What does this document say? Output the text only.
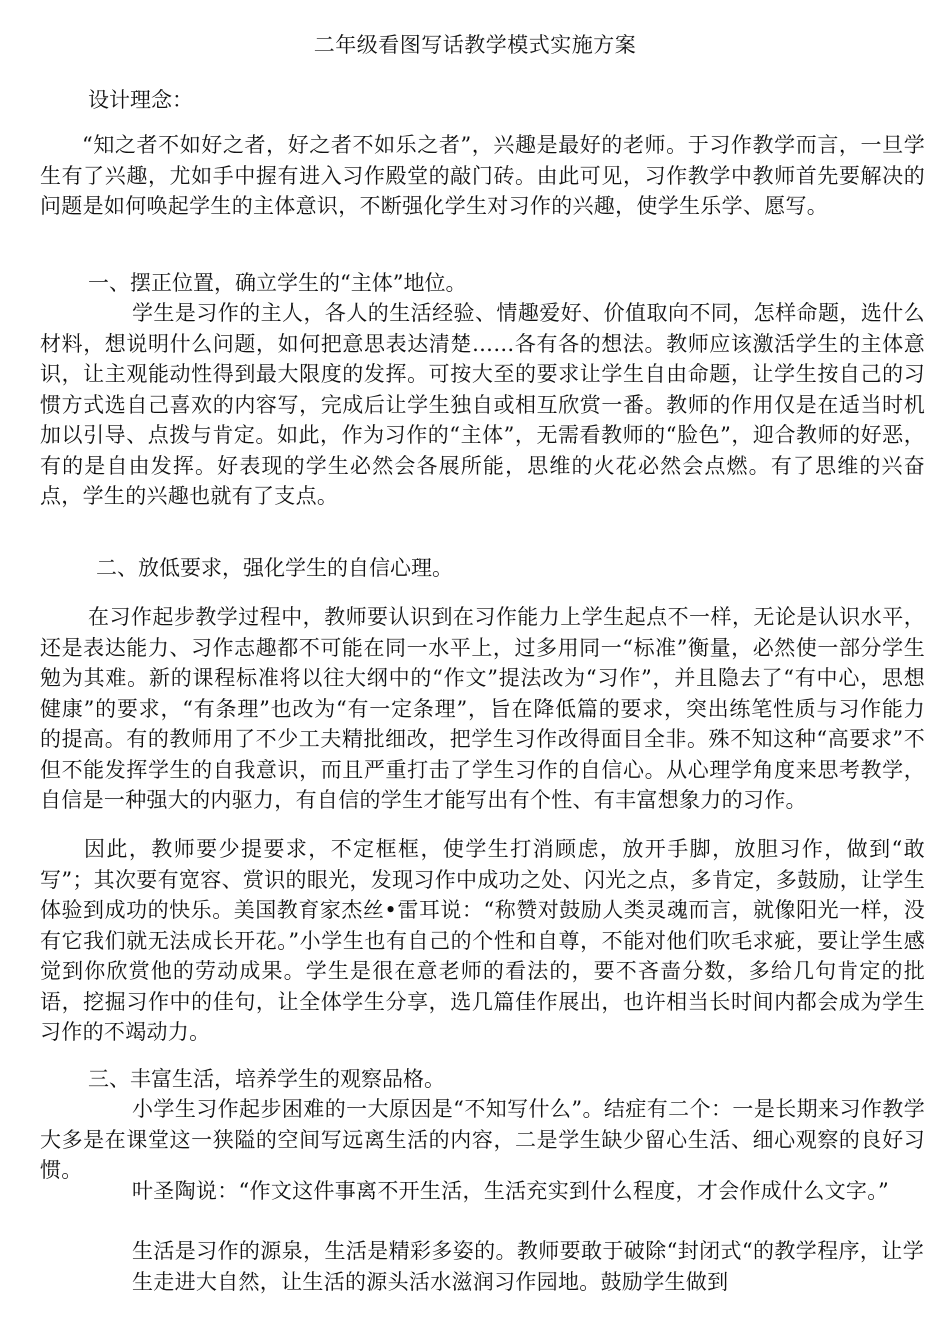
二年级看图写话教学模式实施方案

设计理念：

“知之者不如好之者，好之者不如乐之者”，兴趣是最好的老师。于习作教学而言，一旦学生有了兴趣，尤如手中握有进入习作殿堂的敲门砖。由此可见，习作教学中教师首先要解决的问题是如何唤起学生的主体意识，不断强化学生对习作的兴趣，使学生乐学、愿写。

一、摆正位置，确立学生的“主体”地位。

学生是习作的主人，各人的生活经验、情趣爱好、价值取向不同，怎样命题，选什么材料，想说明什么问题，如何把意思表达清楚……各有各的想法。教师应该激活学生的主体意识，让主观能动性得到最大限度的发挥。可按大至的要求让学生自由命题，让学生按自己的习惯方式选自己喜欢的内容写，完成后让学生独自或相互欣赏一番。教师的作用仅是在适当时机加以引导、点拨与肯定。如此，作为习作的“主体”，无需看教师的“脸色”，迎合教师的好恶，有的是自由发挥。好表现的学生必然会各展所能，思维的火花必然会点燃。有了思维的兴奋点，学生的兴趣也就有了支点。

二、放低要求，强化学生的自信心理。

在习作起步教学过程中，教师要认识到在习作能力上学生起点不一样，无论是认识水平，还是表达能力、习作志趣都不可能在同一水平上，过多用同一“标准”衡量，必然使一部分学生勉为其难。新的课程标准将以往大纲中的“作文”提法改为“习作”，并且隐去了“有中心，思想健康”的要求，“有条理”也改为“有一定条理”，旨在降低篇的要求，突出练笔性质与习作能力的提高。有的教师用了不少工夫精批细改，把学生习作改得面目全非。殊不知这种“高要求”不但不能发挥学生的自我意识，而且严重打击了学生习作的自信心。从心理学角度来思考教学，自信是一种强大的内驱力，有自信的学生才能写出有个性、有丰富想象力的习作。

因此，教师要少提要求，不定框框，使学生打消顾虑，放开手脚，放胆习作，做到“敢写”；其次要有宽容、赏识的眼光，发现习作中成功之处、闪光之点，多肯定，多鼓励，让学生体验到成功的快乐。美国教育家杰丝•雷耳说：“称赞对鼓励人类灵魂而言，就像阳光一样，没有它我们就无法成长开花。”小学生也有自己的个性和自尊，不能对他们吹毛求疵，要让学生感觉到你欣赏他的劳动成果。学生是很在意老师的看法的，要不吝啬分数，多给几句肯定的批语，挖掘习作中的佳句，让全体学生分享，选几篇佳作展出，也许相当长时间内都会成为学生习作的不竭动力。

三、丰富生活，培养学生的观察品格。

小学生习作起步困难的一大原因是“不知写什么”。结症有二个：一是长期来习作教学大多是在课堂这一狭隘的空间写远离生活的内容，二是学生缺少留心生活、细心观察的良好习惯。

叶圣陶说：“作文这件事离不开生活，生活充实到什么程度，才会作成什么文字。”

生活是习作的源泉，生活是精彩多姿的。教师要敢于破除“封闭式“的教学程序，让学生走进大自然，让生活的源头活水滋润习作园地。鼓励学生做到
